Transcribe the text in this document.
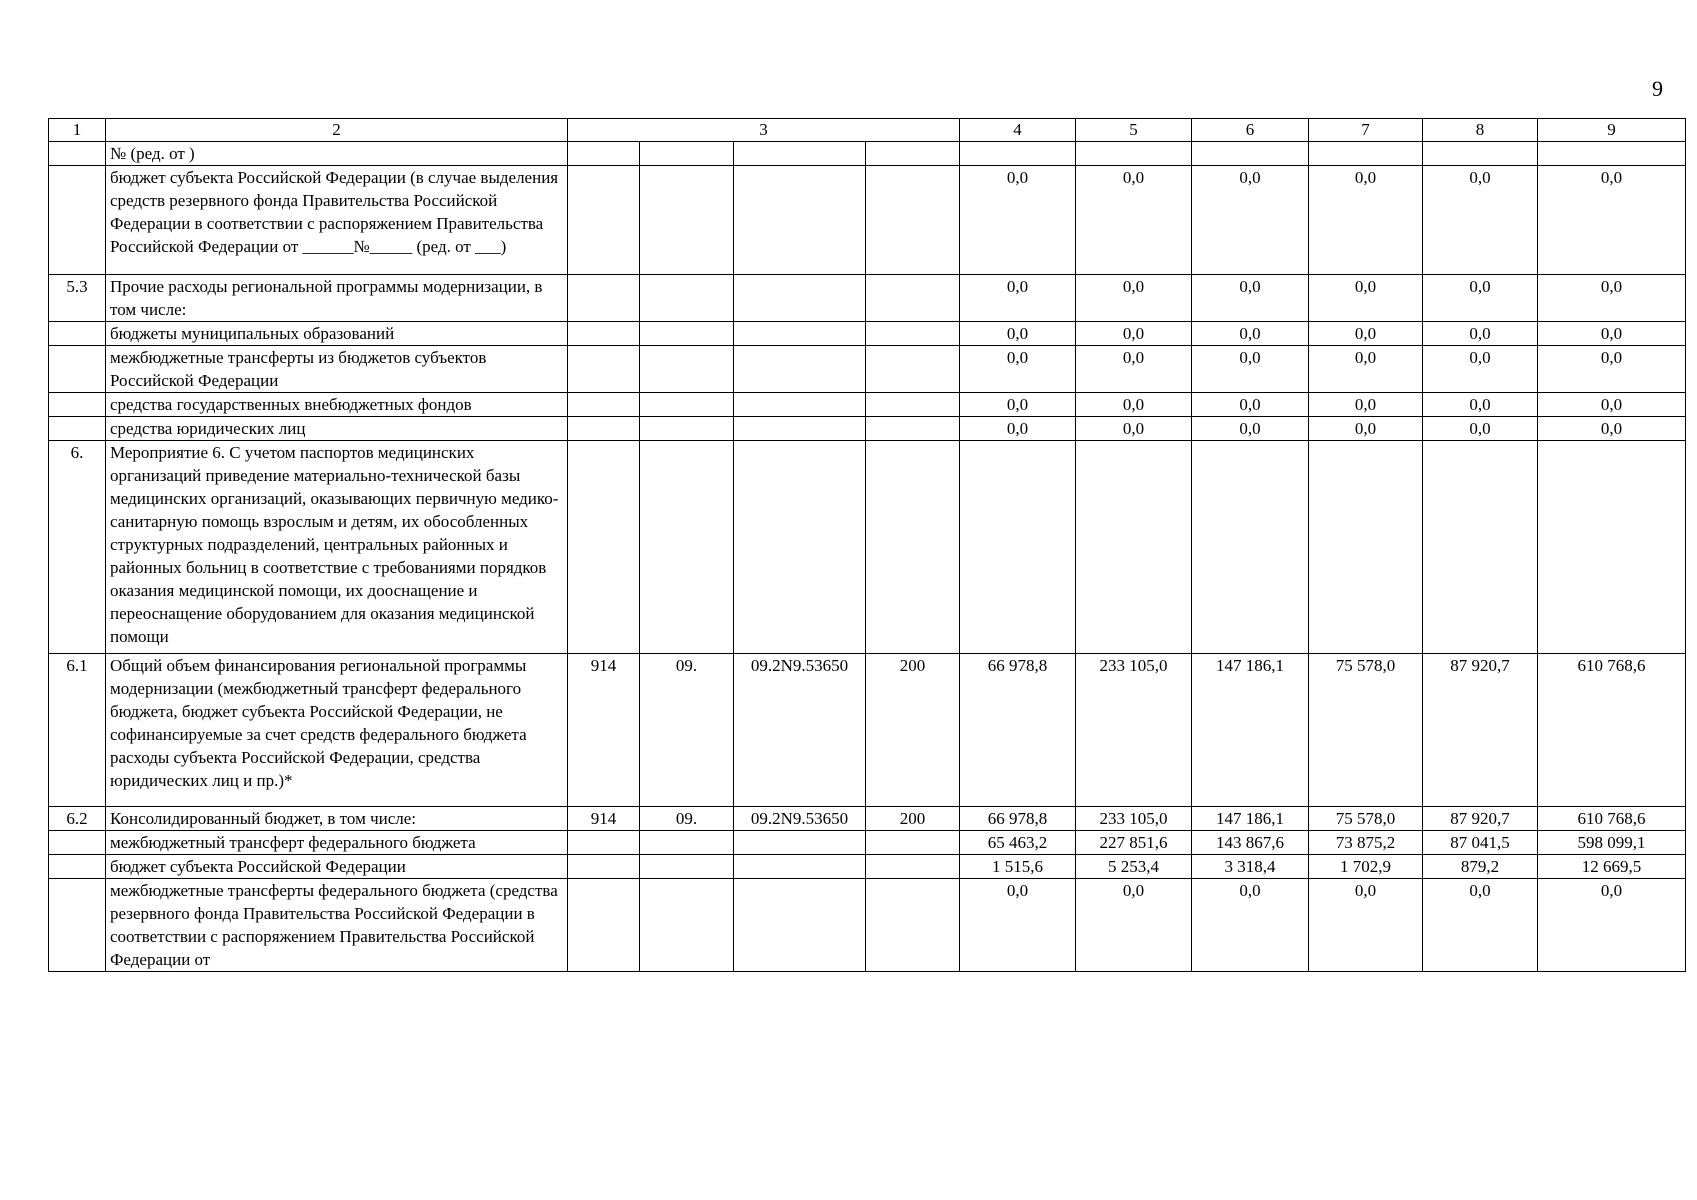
9
1	2	3				4	5	6	7	8	9
	№ (ред. от )										
	бюджет субъекта Российской Федерации (в случае выделения средств резервного фонда Правительства Российской Федерации в соответствии с распоряжением Правительства Российской Федерации от ______№_____ (ред. от ___)					0,0	0,0	0,0	0,0	0,0	0,0
5.3	Прочие расходы региональной программы модернизации, в том числе:					0,0	0,0	0,0	0,0	0,0	0,0
	бюджеты муниципальных образований					0,0	0,0	0,0	0,0	0,0	0,0
	межбюджетные трансферты из бюджетов субъектов Российской Федерации					0,0	0,0	0,0	0,0	0,0	0,0
	средства государственных внебюджетных фондов					0,0	0,0	0,0	0,0	0,0	0,0
	средства юридических лиц					0,0	0,0	0,0	0,0	0,0	0,0
6.	Мероприятие 6. С учетом паспортов медицинских организаций приведение материально-технической базы медицинских организаций, оказывающих первичную медико-санитарную помощь взрослым и детям, их обособленных структурных подразделений, центральных районных и районных больниц в соответствие с требованиями порядков оказания медицинской помощи, их дооснащение и переоснащение оборудованием для оказания медицинской помощи										
6.1	Общий объем финансирования региональной программы модернизации (межбюджетный трансферт федерального бюджета, бюджет субъекта Российской Федерации, не софинансируемые за счет средств федерального бюджета расходы субъекта Российской Федерации, средства юридических лиц и пр.)*	914	09.	09.2N9.53650	200	66 978,8	233 105,0	147 186,1	75 578,0	87 920,7	610 768,6
6.2	Консолидированный бюджет, в том числе:	914	09.	09.2N9.53650	200	66 978,8	233 105,0	147 186,1	75 578,0	87 920,7	610 768,6
	межбюджетный трансферт федерального бюджета					65 463,2	227 851,6	143 867,6	73 875,2	87 041,5	598 099,1
	бюджет субъекта Российской Федерации					1 515,6	5 253,4	3 318,4	1 702,9	879,2	12 669,5
	межбюджетные трансферты федерального бюджета (средства резервного фонда Правительства Российской Федерации в соответствии с распоряжением Правительства Российской Федерации от					0,0	0,0	0,0	0,0	0,0	0,0
